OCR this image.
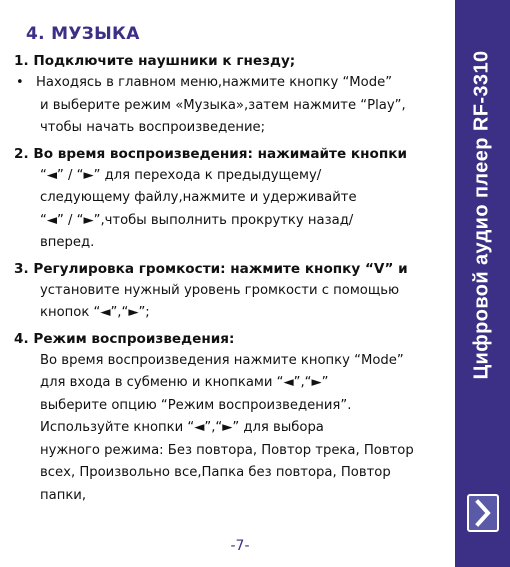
4. МУЗЫКА

1. Подключите наушники к гнезду;

• Находясь в главном меню,нажмите кнопку “Mode”

и выберите режим «Музыка»,затем нажмите “Play”,

чтобы начать воспроизведение;

2. Во время воспроизведения: нажимайте кнопки

“◄” / “►” для перехода к предыдущему/

следующему файлу,нажмите и удерживайте

“◄” / “►”,чтобы выполнить прокрутку назад/

вперед.

3. Регулировка громкости: нажмите кнопку “V” и

установите нужный уровень громкости с помощью

кнопок “◄”,“►”;

4. Режим воспроизведения:

Во время воспроизведения нажмите кнопку “Mode”

для входа в субменю и кнопками “◄”,“►”

выберите опцию “Режим воспроизведения”.

Используйте кнопки “◄”,“►” для выбора

нужного режима: Без повтора, Повтор трека, Повтор

всех, Произвольно все,Папка без повтора, Повтор

папки,

-7-
Цифровой аудио плеер RF-3310
